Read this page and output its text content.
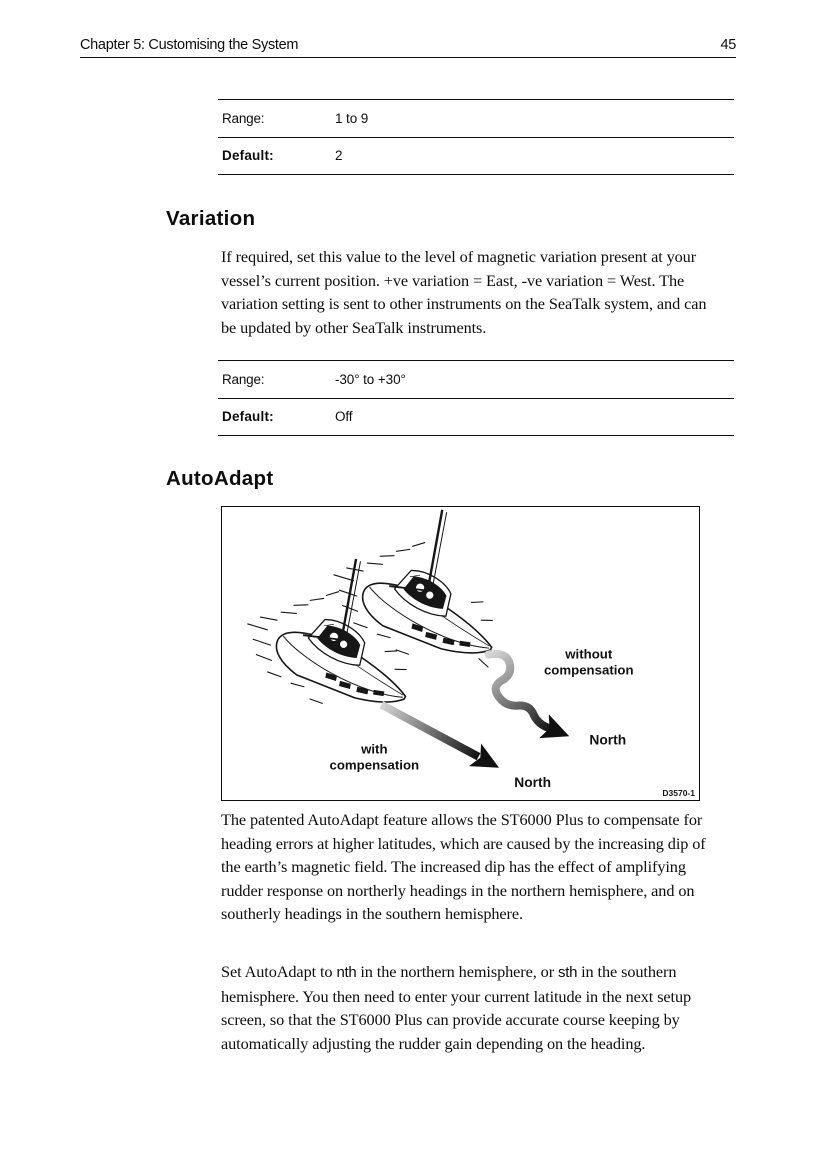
Chapter 5: Customising the System	45
Range:	1 to 9
Default:	2
Variation
If required, set this value to the level of magnetic variation present at your vessel’s current position. +ve variation = East, -ve variation = West. The variation setting is sent to other instruments on the SeaTalk system, and can be updated by other SeaTalk instruments.
Range:	-30° to +30°
Default:	Off
AutoAdapt
without
compensation
with
compensation
North
North
D3570-1
The patented AutoAdapt feature allows the ST6000 Plus to compensate for heading errors at higher latitudes, which are caused by the increasing dip of the earth’s magnetic field. The increased dip has the effect of amplifying rudder response on northerly headings in the northern hemisphere, and on southerly headings in the southern hemisphere.
Set AutoAdapt to nth in the northern hemisphere, or sth in the southern hemisphere. You then need to enter your current latitude in the next setup screen, so that the ST6000 Plus can provide accurate course keeping by automatically adjusting the rudder gain depending on the heading.
